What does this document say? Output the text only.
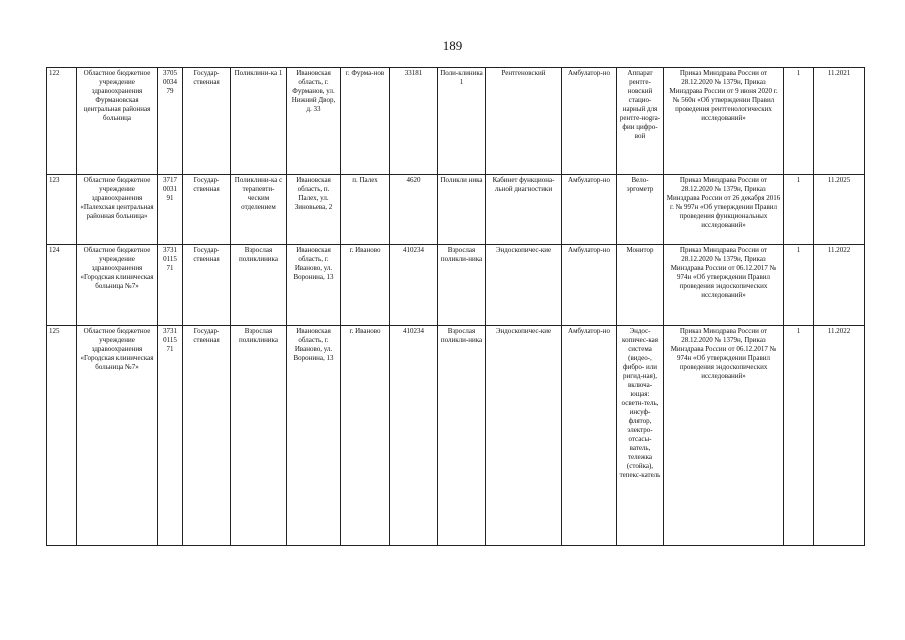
189
122	Областное бюджетное учреждение здравоохранения Фурмановская центральная районная больница	3705 0034 79	Государ-ственная	Поликлини-ка 1	Ивановская область, г. Фурманов, ул. Нижний Двор, д. 33	г. Фурма-нов	33181	Поли-клиника 1	Рентгеновский	Амбулатор-но	Аппарат рентге-новский стацио-нарный для рентге-нogra-фии цифро-вой	Приказ Минздрава России от 28.12.2020 № 1379н, Приказ Минздрава России от 9 июня 2020 г. № 560н «Об утверждении Правил проведения рентгенологических исследований»	1	11.2021
123	Областное бюджетное учреждение здравоохранения «Палехская центральная районная больница»	3717 0031 91	Государ-ственная	Поликлини-ка с терапевти-ческим отделением	Ивановская область, п. Палех, ул. Зиновьева, 2	п. Палех	4620	Поликли ника	Кабинет функциона-льной диагностики	Амбулатор-но	Вело-эргометр	Приказ Минздрава России от 28.12.2020 № 1379н, Приказ Минздрава России от 26 декабря 2016 г. № 997н «Об утверждении Правил проведения функциональных исследований»	1	11.2025
124	Областное бюджетное учреждение здравоохранения «Городская клиническая больница №7»	3731 0115 71	Государ-ственная	Взрослая поликлиника	Ивановская область, г. Иваново, ул. Воронина, 13	г. Иваново	410234	Взрослая поликли-ника	Эндоскопичес-кие	Амбулатор-но	Монитор	Приказ Минздрава России от 28.12.2020 № 1379н, Приказ Минздрава России от 06.12.2017 № 974н «Об утверждении Правил проведения эндоскопических исследований»	1	11.2022
125	Областное бюджетное учреждение здравоохранения «Городская клиническая больница №7»	3731 0115 71	Государ-ственная	Взрослая поликлиника	Ивановская область, г. Иваново, ул. Воронина, 13	г. Иваново	410234	Взрослая поликли-ника	Эндоскопичес-кие	Амбулатор-но	Эндос-копичес-кая система (видео-, фибро- или ригид-ная), включа-ющая: осветн-тель, инсуф-флятор, электро-отсасы-ватель, тележка (стойка), тепекс-катель	Приказ Минздрава России от 28.12.2020 № 1379н, Приказ Минздрава России от 06.12.2017 № 974н «Об утверждении Правил проведения эндоскопических исследований»	1	11.2022
